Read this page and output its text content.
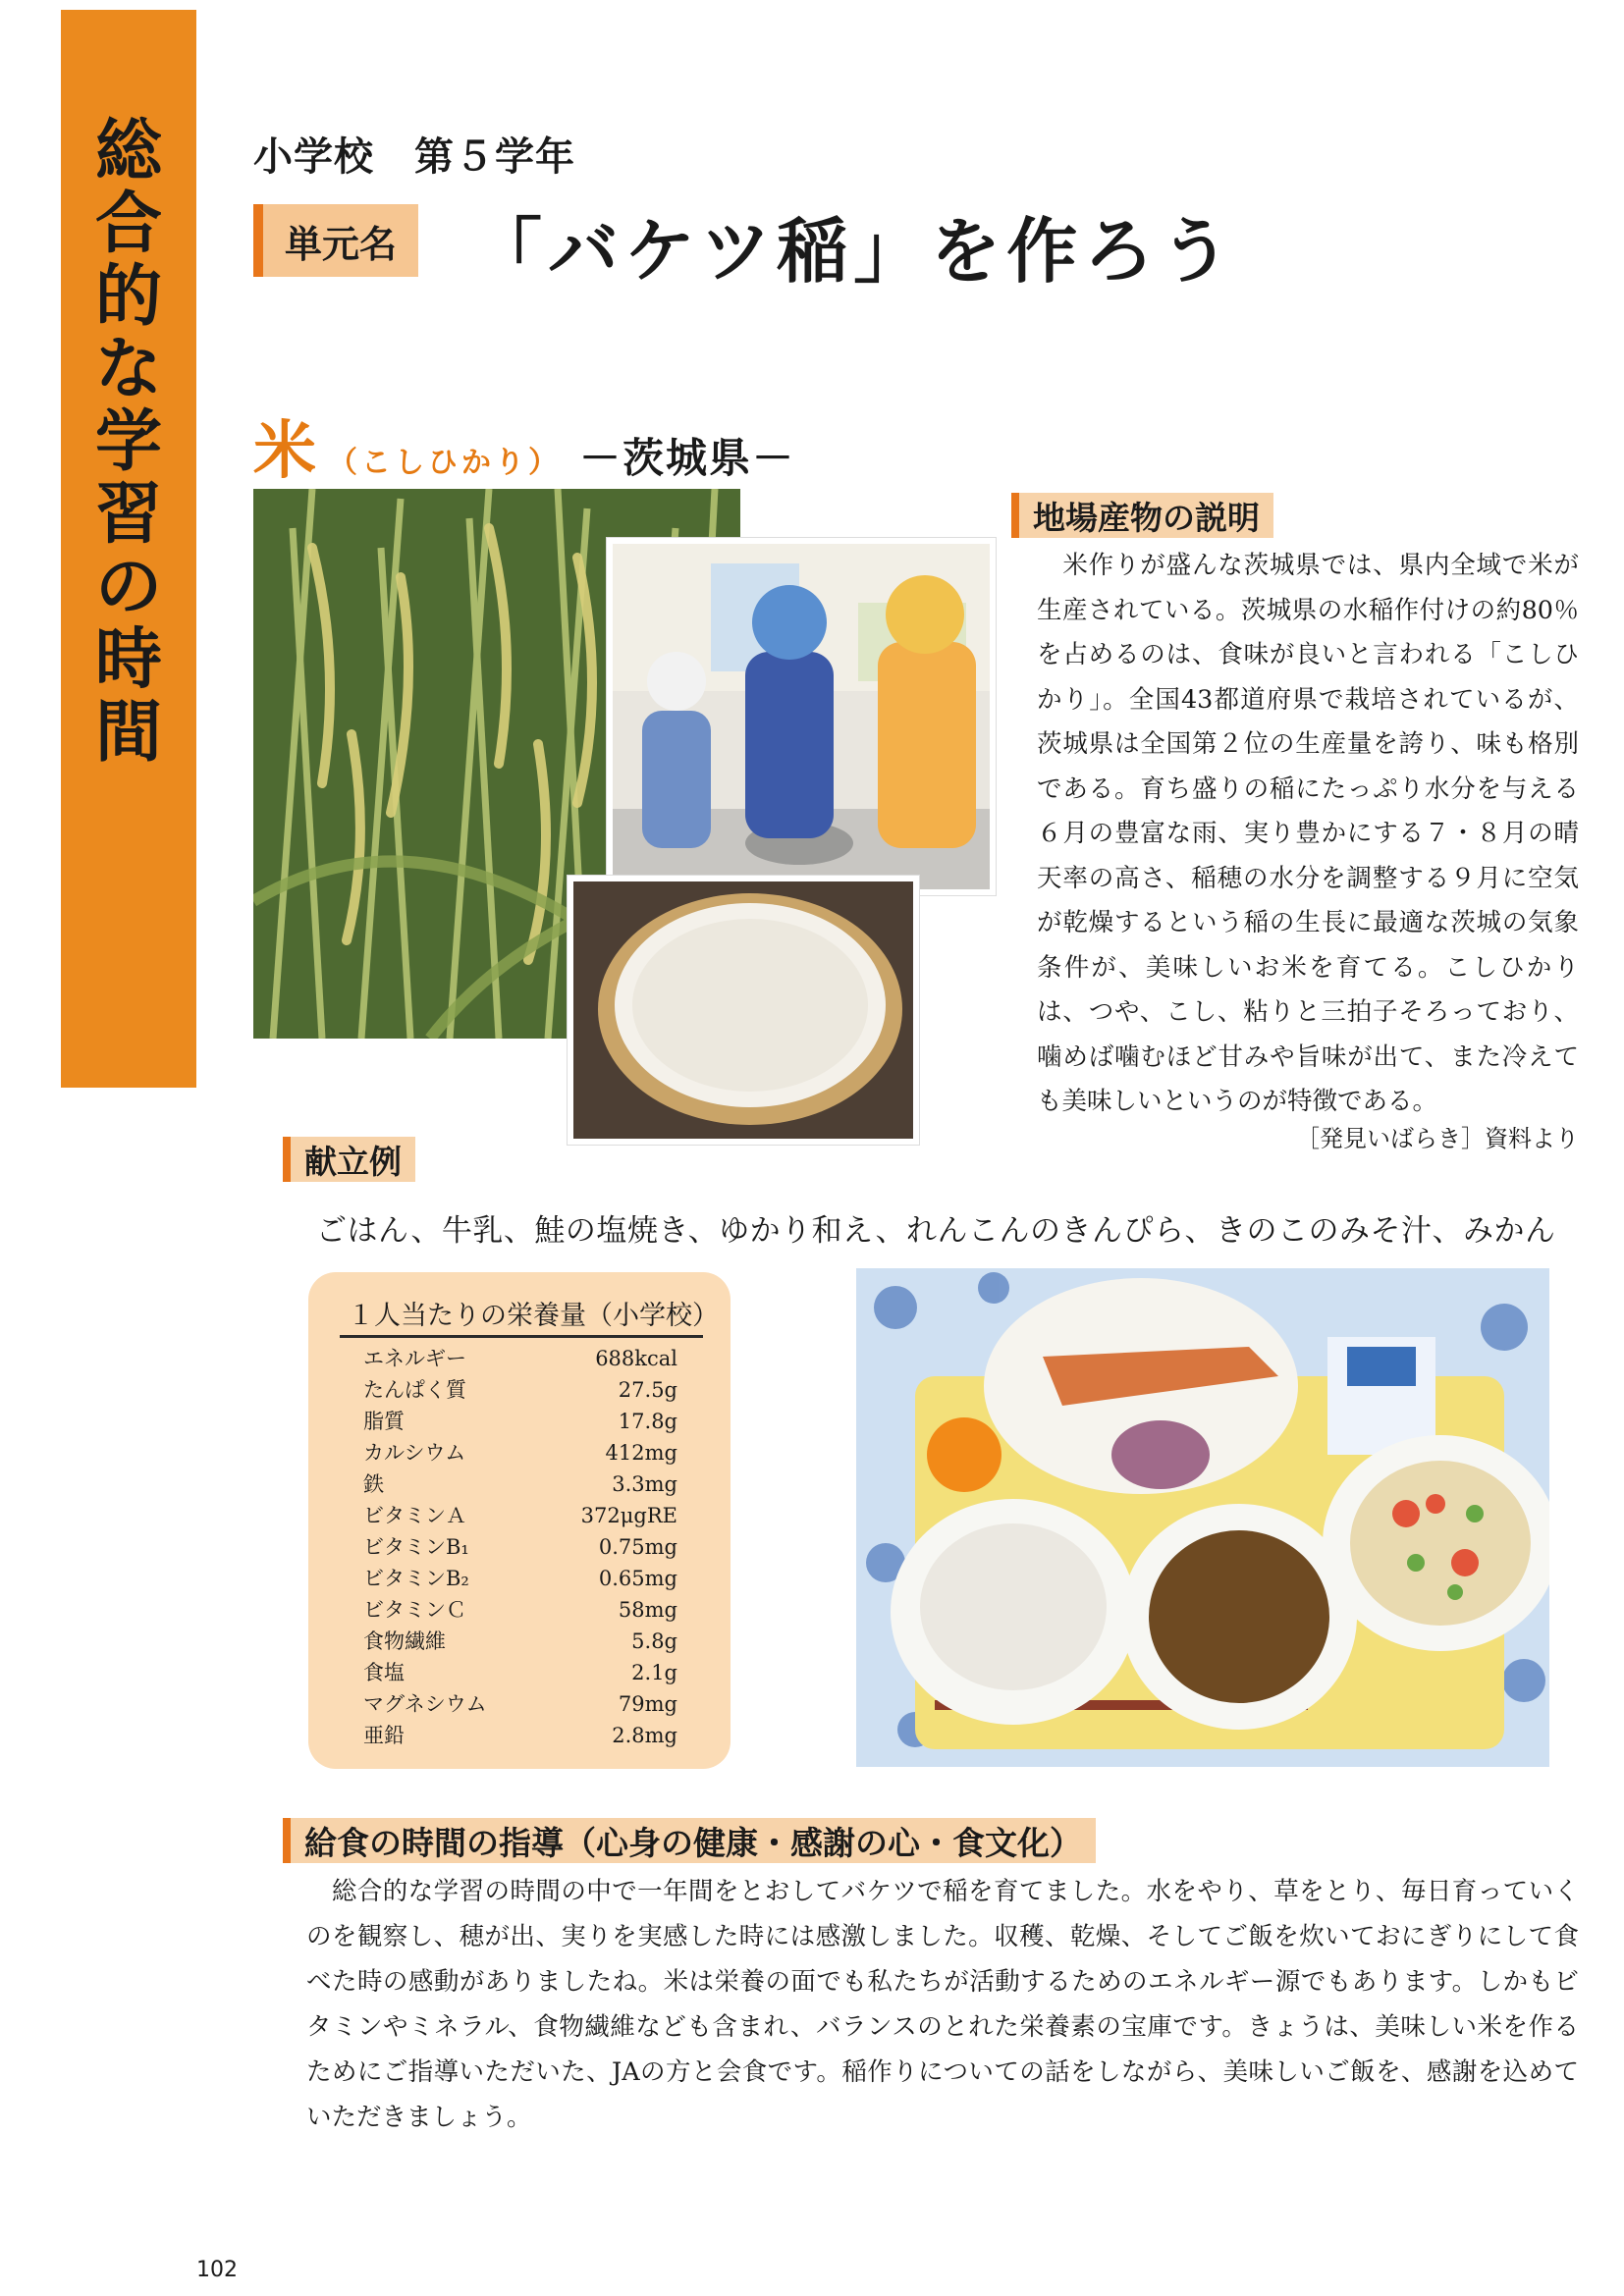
総
合
的
な
学
習
の
時
間
小学校　第５学年
単元名	「バケツ稲」を作ろう
米 （こしひかり） －茨城県－
地場産物の説明
　米作りが盛んな茨城県では、県内全域で米が生産されている。茨城県の水稲作付けの約80％を占めるのは、食味が良いと言われる「こしひかり」。全国43都道府県で栽培されているが、茨城県は全国第２位の生産量を誇り、味も格別である。育ち盛りの稲にたっぷり水分を与える６月の豊富な雨、実り豊かにする７・８月の晴天率の高さ、稲穂の水分を調整する９月に空気が乾燥するという稲の生長に最適な茨城の気象条件が、美味しいお米を育てる。こしひかりは、つや、こし、粘りと三拍子そろっており、噛めば噛むほど甘みや旨味が出て、また冷えても美味しいというのが特徴である。
［発見いばらき］資料より
献立例
ごはん、牛乳、鮭の塩焼き、ゆかり和え、れんこんのきんぴら、きのこのみそ汁、みかん
１人当たりの栄養量（小学校）
エネルギー	688kcal
たんぱく質	27.5g
脂質	17.8g
カルシウム	412mg
鉄	3.3mg
ビタミンＡ	372μgRE
ビタミンB₁	0.75mg
ビタミンB₂	0.65mg
ビタミンＣ	58mg
食物繊維	5.8g
食塩	2.1g
マグネシウム	79mg
亜鉛	2.8mg
給食の時間の指導（心身の健康・感謝の心・食文化）
　総合的な学習の時間の中で一年間をとおしてバケツで稲を育てました。水をやり、草をとり、毎日育っていくのを観察し、穂が出、実りを実感した時には感激しました。収穫、乾燥、そしてご飯を炊いておにぎりにして食べた時の感動がありましたね。米は栄養の面でも私たちが活動するためのエネルギー源でもあります。しかもビタミンやミネラル、食物繊維なども含まれ、バランスのとれた栄養素の宝庫です。きょうは、美味しい米を作るためにご指導いただいた、JAの方と会食です。稲作りについての話をしながら、美味しいご飯を、感謝を込めていただきましょう。
102
